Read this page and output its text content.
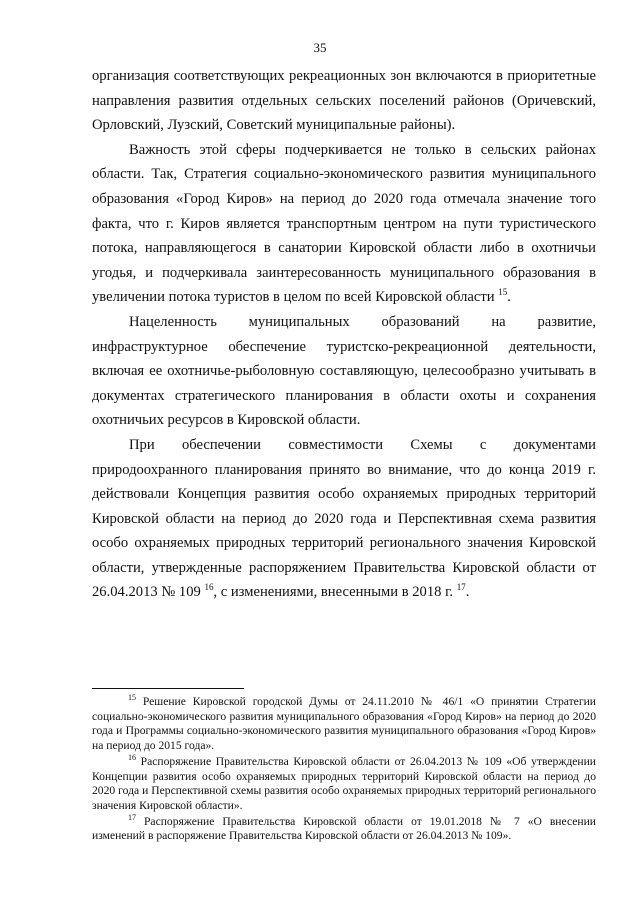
35

организация соответствующих рекреационных зон включаются в приоритетные направления развития отдельных сельских поселений районов (Оричевский, Орловский, Лузский, Советский муниципальные районы).

Важность этой сферы подчеркивается не только в сельских районах области. Так, Стратегия социально-экономического развития муниципального образования «Город Киров» на период до 2020 года отмечала значение того факта, что г. Киров является транспортным центром на пути туристического потока, направляющегося в санатории Кировской области либо в охотничьи угодья, и подчеркивала заинтересованность муниципального образования в увеличении потока туристов в целом по всей Кировской области $^{15}$.

Нацеленность муниципальных образований на развитие, инфраструктурное обеспечение туристско-рекреационной деятельности, включая ее охотничье-рыболовную составляющую, целесообразно учитывать в документах стратегического планирования в области охоты и сохранения охотничьих ресурсов в Кировской области.

При обеспечении совместимости Схемы с документами природоохранного планирования принято во внимание, что до конца 2019 г. действовали Концепция развития особо охраняемых природных территорий Кировской области на период до 2020 года и Перспективная схема развития особо охраняемых природных территорий регионального значения Кировской области, утвержденные распоряжением Правительства Кировской области от 26.04.2013 № 109 $^{16}$, с изменениями, внесенными в 2018 г. $^{17}$.

$^{15}$ Решение Кировской городской Думы от 24.11.2010 № 46/1 «О принятии Стратегии социально-экономического развития муниципального образования «Город Киров» на период до 2020 года и Программы социально-экономического развития муниципального образования «Город Киров» на период до 2015 года».

$^{16}$ Распоряжение Правительства Кировской области от 26.04.2013 № 109 «Об утверждении Концепции развития особо охраняемых природных территорий Кировской области на период до 2020 года и Перспективной схемы развития особо охраняемых природных территорий регионального значения Кировской области».

$^{17}$ Распоряжение Правительства Кировской области от 19.01.2018 № 7 «О внесении изменений в распоряжение Правительства Кировской области от 26.04.2013 № 109».
